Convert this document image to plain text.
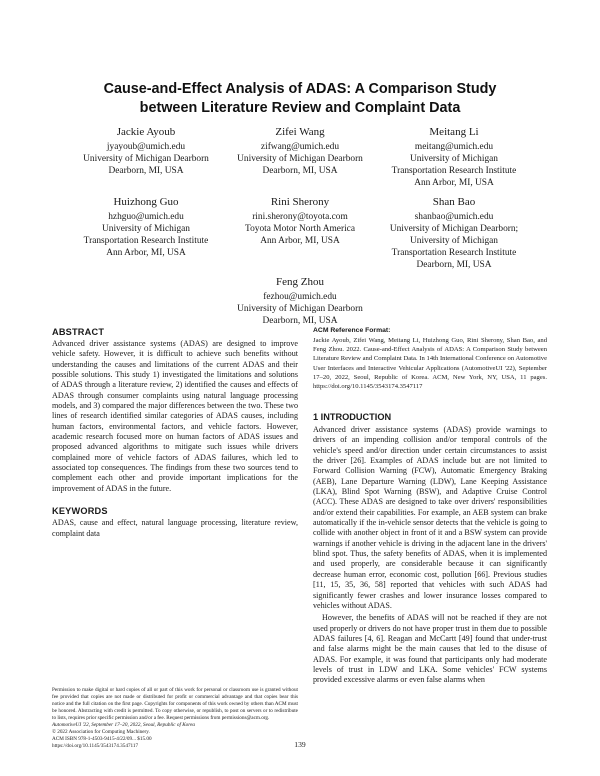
Cause-and-Effect Analysis of ADAS: A Comparison Study
between Literature Review and Complaint Data
Jackie Ayoub
jyayoub@umich.edu
University of Michigan Dearborn
Dearborn, MI, USA
Zifei Wang
zifwang@umich.edu
University of Michigan Dearborn
Dearborn, MI, USA
Meitang Li
meitang@umich.edu
University of Michigan
Transportation Research Institute
Ann Arbor, MI, USA
Huizhong Guo
hzhguo@umich.edu
University of Michigan
Transportation Research Institute
Ann Arbor, MI, USA
Rini Sherony
rini.sherony@toyota.com
Toyota Motor North America
Ann Arbor, MI, USA
Shan Bao
shanbao@umich.edu
University of Michigan Dearborn;
University of Michigan
Transportation Research Institute
Dearborn, MI, USA
Feng Zhou
fezhou@umich.edu
University of Michigan Dearborn
Dearborn, MI, USA
ABSTRACT

Advanced driver assistance systems (ADAS) are designed to improve vehicle safety. However, it is difficult to achieve such benefits without understanding the causes and limitations of the current ADAS and their possible solutions. This study 1) investigated the limitations and solutions of ADAS through a literature review, 2) identified the causes and effects of ADAS through consumer complaints using natural language processing models, and 3) compared the major differences between the two. These two lines of research identified similar categories of ADAS causes, including human factors, environmental factors, and vehicle factors. However, academic research focused more on human factors of ADAS issues and proposed advanced algorithms to mitigate such issues while drivers complained more of vehicle factors of ADAS failures, which led to associated top consequences. The findings from these two sources tend to complement each other and provide important implications for the improvement of ADAS in the future.

KEYWORDS

ADAS, cause and effect, natural language processing, literature review, complaint data

ACM Reference Format:

Jackie Ayoub, Zifei Wang, Meitang Li, Huizhong Guo, Rini Sherony, Shan Bao, and Feng Zhou. 2022. Cause-and-Effect Analysis of ADAS: A Comparison Study between Literature Review and Complaint Data. In 14th International Conference on Automotive User Interfaces and Interactive Vehicular Applications (AutomotiveUI '22), September 17–20, 2022, Seoul, Republic of Korea. ACM, New York, NY, USA, 11 pages. https://doi.org/10.1145/3543174.3547117

1 INTRODUCTION

Advanced driver assistance systems (ADAS) provide warnings to drivers of an impending collision and/or temporal controls of the vehicle's speed and/or direction under certain circumstances to assist the driver [26]. Examples of ADAS include but are not limited to Forward Collision Warning (FCW), Automatic Emergency Braking (AEB), Lane Departure Warning (LDW), Lane Keeping Assistance (LKA), Blind Spot Warning (BSW), and Adaptive Cruise Control (ACC). These ADAS are designed to take over drivers' responsibilities and/or extend their capabilities. For example, an AEB system can brake automatically if the in-vehicle sensor detects that the vehicle is going to collide with another object in front of it and a BSW system can provide warnings if another vehicle is driving in the adjacent lane in the drivers' blind spot. Thus, the safety benefits of ADAS, when it is implemented and used properly, are considerable because it can significantly decrease human error, economic cost, pollution [66]. Previous studies [11, 15, 35, 36, 58] reported that vehicles with such ADAS had significantly fewer crashes and lower insurance losses compared to vehicles without ADAS.

However, the benefits of ADAS will not be reached if they are not used properly or drivers do not have proper trust in them due to possible ADAS failures [4, 6]. Reagan and McCartt [49] found that under-trust and false alarms might be the main causes that led to the disuse of ADAS. For example, it was found that participants only had moderate levels of trust in LDW and LKA. Some vehicles' FCW systems provided excessive alarms or even false alarms when

Permission to make digital or hard copies of all or part of this work for personal or classroom use is granted without fee provided that copies are not made or distributed for profit or commercial advantage and that copies bear this notice and the full citation on the first page. Copyrights for components of this work owned by others than ACM must be honored. Abstracting with credit is permitted. To copy otherwise, or republish, to post on servers or to redistribute to lists, requires prior specific permission and/or a fee. Request permissions from permissions@acm.org.

AutomotiveUI '22, September 17–20, 2022, Seoul, Republic of Korea

© 2022 Association for Computing Machinery.

ACM ISBN 978-1-4503-9415-4/22/09... $15.00

https://doi.org/10.1145/3543174.3547117	139
